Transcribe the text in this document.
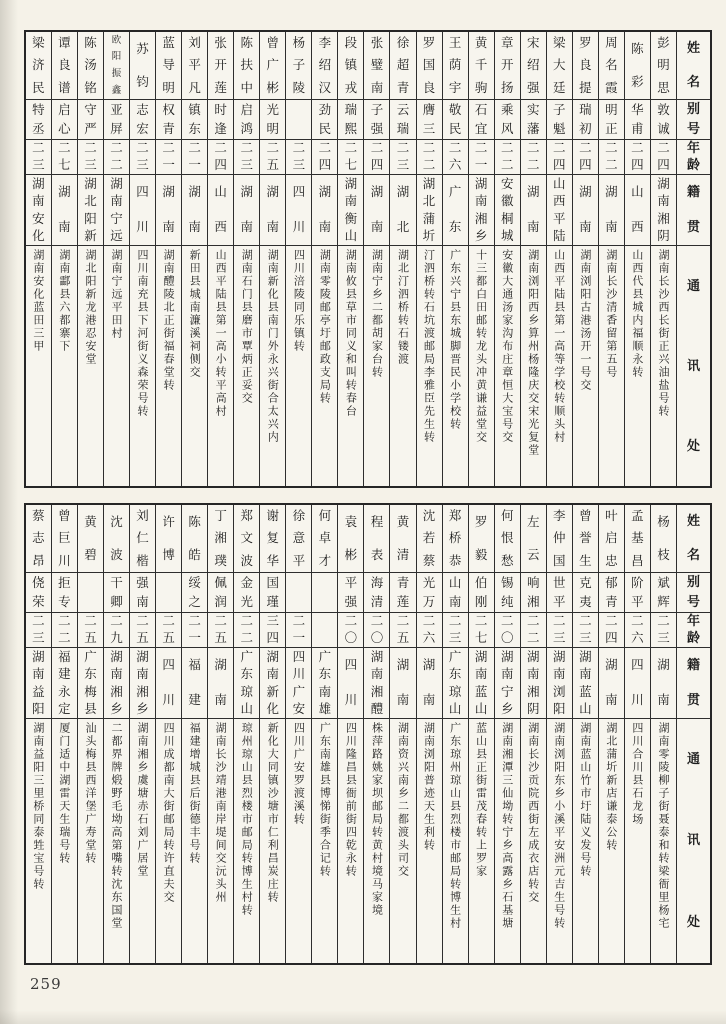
姓
名
别
号
年
龄
籍
贯
通
讯
处
彭
明
思
敦
诚
二
四
湖
南
湘
阴
湖南长沙西长街正兴油盐号转
陈
彩
华
甫
二
四
山
西
山西代县城内福顺永转
周
名
霞
明
正
二
二
湖
南
湖南长沙清香留第五号
罗
良
提
瑞
初
二
四
湖
南
湖南浏阳古港汤开一号交
梁
大
廷
子
魁
二
四
山
西
平
陆
山西平陆县第一高等学校转顺头村
宋
绍
强
实
藩
二
二
湖
南
湖南浏阳西乡算州杨隆庆交宋光复堂
章
开
扬
乘
风
二
二
安
徽
桐
城
安徽大通汤家沟布庄章恒大宝号交
黄
千
驹
石
宜
二
一
湖
南
湘
乡
十三都白田邮转龙头冲黄谦益堂交
王
荫
宇
敬
民
二
六
广
东
广东兴宁县东城脚晋民小学校转
罗
国
良
膺
三
二
二
湖
北
蒲
圻
汀泗桥转石坑渡邮局李雅臣先生转
徐
超
青
云
瑞
二
三
湖
北
湖北汀泗桥转石镂渡
张
璧
南
子
强
二
四
湖
南
湖南宁乡二都胡家台转
段
镇
戎
瑞
熙
二
七
湖
南
衡
山
湖南攸县草市同义和叫转春台
李
绍
汉
劲
民
二
四
湖
南
湖南零陵邮亭圩邮政支局转
杨
子
陵
二
三
四
川
四川涪陵同乐镇转
曾
广
彬
光
明
二
五
湖
南
湖南新化县南门外永兴街合太兴内
陈
扶
中
启
鸿
二
三
湖
南
湖南石门县磨市覃炳正妥交
张
开
莲
时
逢
二
四
山
西
山西平陆县第一高小转平高村
刘
平
凡
镇
东
二
一
湖
南
新田县城南濂溪祠侧交
蓝
导
明
权
青
二
一
湖
南
湖南醴陵北正街福春堂转
苏
钧
志
宏
二
三
四
川
四川南充县下河街义森荣号转
欧
阳
振
鑫
亚
屏
二
二
湖
南
宁
远
湖南宁远平田村
陈
汤
铭
守
严
二
三
湖
北
阳
新
湖北阳新龙港忍安堂
谭
良
谱
启
心
二
七
湖
南
湖南酃县六都寨下
梁
济
民
特
丞
二
三
湖
南
安
化
湖南安化蓝田三甲
姓
名
别
号
年
龄
籍
贯
通
讯
处
杨
枝
斌
辉
二
三
湖
南
湖南零陵柳子街聂泰和转梁衙里杨宅
孟
基
昌
阶
平
二
六
四
川
四川合川县石龙场
叶
启
忠
郁
青
二
四
湖
南
湖北蒲圻新店谦泰公转
曾
誉
生
克
夷
二
三
湖
南
蓝
山
湖南蓝山竹市圩陆义发号转
李
仲
国
世
平
二
三
湖
南
浏
阳
湖南浏阳东乡小溪平安洲元吉生号转
左
云
响
湘
二
二
湖
南
湘
阴
湖南长沙贡院西街左成衣店转交
何
恨
愁
锡
纯
二
〇
湖
南
宁
乡
湖南湘潭三仙坳转宁乡高露乡石基塘
罗
毅
伯
刚
二
七
湖
南
蓝
山
蓝山县正街雷茂春转上罗家
郑
桥
恭
山
南
二
三
广
东
琼
山
广东琼州琼山县烈楼市邮局转博生村
沈
若
蔡
光
万
二
六
湖
南
湖南浏阳普迹天生利转
黄
清
青
莲
二
五
湖
南
湖南资兴南乡二都渡头司交
程
表
海
清
二
〇
湖
南
湘
醴
株萍路姚家坝邮局转黄村境马家境
袁
彬
平
强
二
〇
四
川
四川隆昌县衙前街四乾永转
何
卓
才
广
东
南
雄
广东南雄县博悌街季合记转
徐
意
平
二
一
四
川
广
安
四川广安罗渡溪转
谢
复
华
国
瑾
三
四
湖
南
新
化
新化大同镇沙塘市仁利昌炭庄转
郑
文
波
金
光
二
二
广
东
琼
山
琼州琼山县烈楼市邮局转博生村转
丁
湘
璞
佩
润
二
五
湖
南
湖南长沙靖港南岸堤间交沅头州
陈
皓
绥
之
二
一
福
建
福建增城县后街德丰号转
许
博
二
五
四
川
四川成都南大街邮局转许直夫交
刘
仁
楷
强
南
二
五
湖
南
湘
乡
湖南湘乡虞塘赤石刘广居堂
沈
波
干
卿
二
九
湖
南
湘
乡
二都界牌煅野毛坳高第嘴转沈东国堂
黄
碧
二
五
广
东
梅
县
汕头梅县西洋堡广寿堂转
曾
巨
川
拒
专
二
二
福
建
永
定
厦门适中湖雷天生瑞号转
蔡
志
昂
侥
荣
二
三
湖
南
益
阳
湖南益阳三里桥同泰甡宝号转
259
